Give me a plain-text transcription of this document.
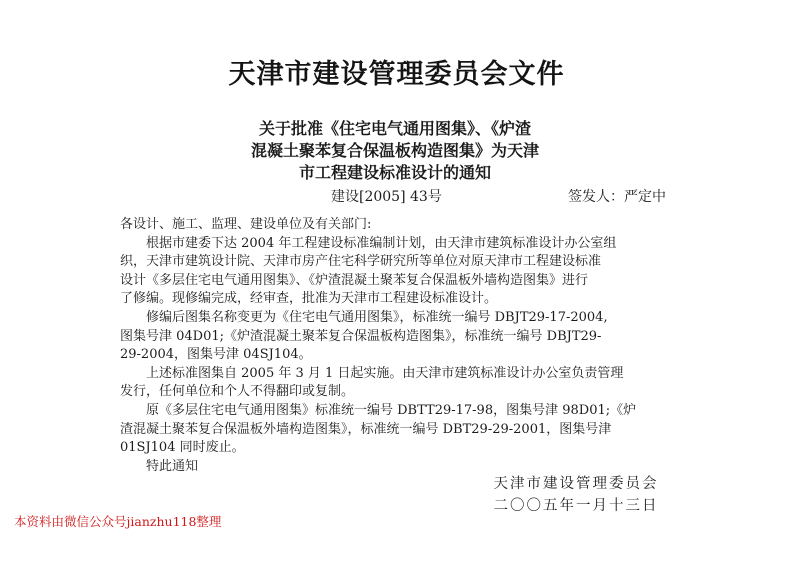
天津市建设管理委员会文件
关于批准《住宅电气通用图集》、《炉渣
混凝土聚苯复合保温板构造图集》为天津
市工程建设标准设计的通知
建设[2005] 43号	签发人：严定中

各设计、施工、监理、建设单位及有关部门:

根据市建委下达 2004 年工程建设标准编制计划，由天津市建筑标准设计办公室组

织，天津市建筑设计院、天津市房产住宅科学研究所等单位对原天津市工程建设标准

设计《多层住宅电气通用图集》、《炉渣混凝土聚苯复合保温板外墙构造图集》进行

了修编。现修编完成，经审查，批准为天津市工程建设标准设计。

修编后图集名称变更为《住宅电气通用图集》，标准统一编号 DBJT29-17-2004,

图集号津 04D01;《炉渣混凝土聚苯复合保温板构造图集》，标准统一编号 DBJT29-

29-2004，图集号津 04SJ104。

上述标准图集自 2005 年 3 月 1 日起实施。由天津市建筑标准设计办公室负责管理

发行，任何单位和个人不得翻印或复制。

原《多层住宅电气通用图集》标准统一编号 DBTT29-17-98，图集号津 98D01;《炉

渣混凝土聚苯复合保温板外墙构造图集》，标准统一编号 DBT29-29-2001，图集号津

01SJ104 同时废止。

特此通知

天津市建设管理委员会
二〇〇五年一月十三日
本资料由微信公众号jianzhu118整理
